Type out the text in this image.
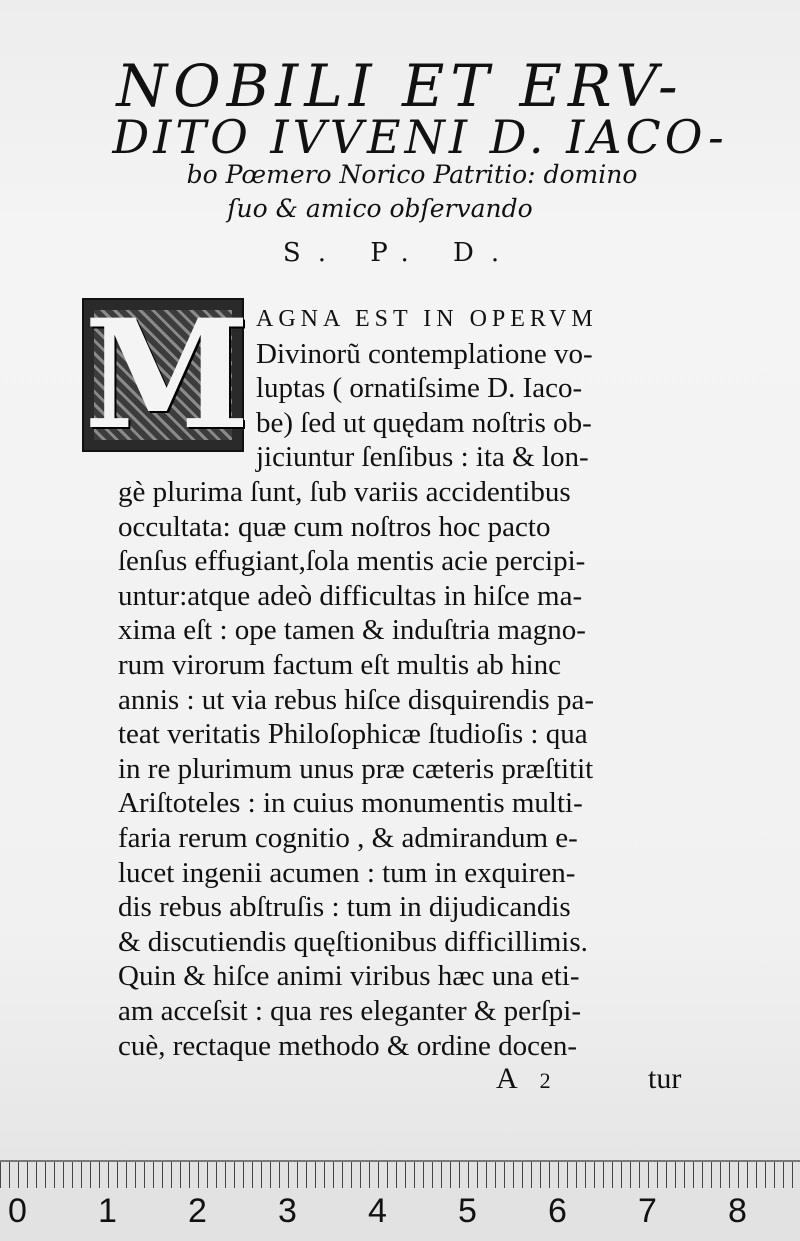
NOBILI ET ERV-
DITO IVVENI D. IACO-
bo Pœmero Norico Patritio: domino
ſuo & amico obſervando
S. P. D.
M AGNA EST IN OPERVM
Divinorũ contemplatione vo-
luptas ( ornatiſsime D. Iaco-
be) ſed ut quędam noſtris ob-
jiciuntur ſenſibus : ita & lon-
gè plurima ſunt, ſub variis accidentibus
occultata: quæ cum noſtros hoc pacto
ſenſus effugiant,ſola mentis acie percipi-
untur:atque adeò difficultas in hiſce ma-
xima eſt : ope tamen & induſtria magno-
rum virorum factum eſt multis ab hinc
annis : ut via rebus hiſce disquirendis pa-
teat veritatis Philoſophicæ ſtudioſis : qua
in re plurimum unus præ cæteris præſtitit
Ariſtoteles : in cuius monumentis multi-
faria rerum cognitio , & admirandum e-
lucet ingenii acumen : tum in exquiren-
dis rebus abſtruſis : tum in dijudicandis
& discutiendis quęſtionibus difficillimis.
Quin & hiſce animi viribus hæc una eti-
am acceſsit : qua res eleganter & perſpi-
cuè, rectaque methodo & ordine docen-
A 2	tur
0 1 2 3 4 5 6 7 8
